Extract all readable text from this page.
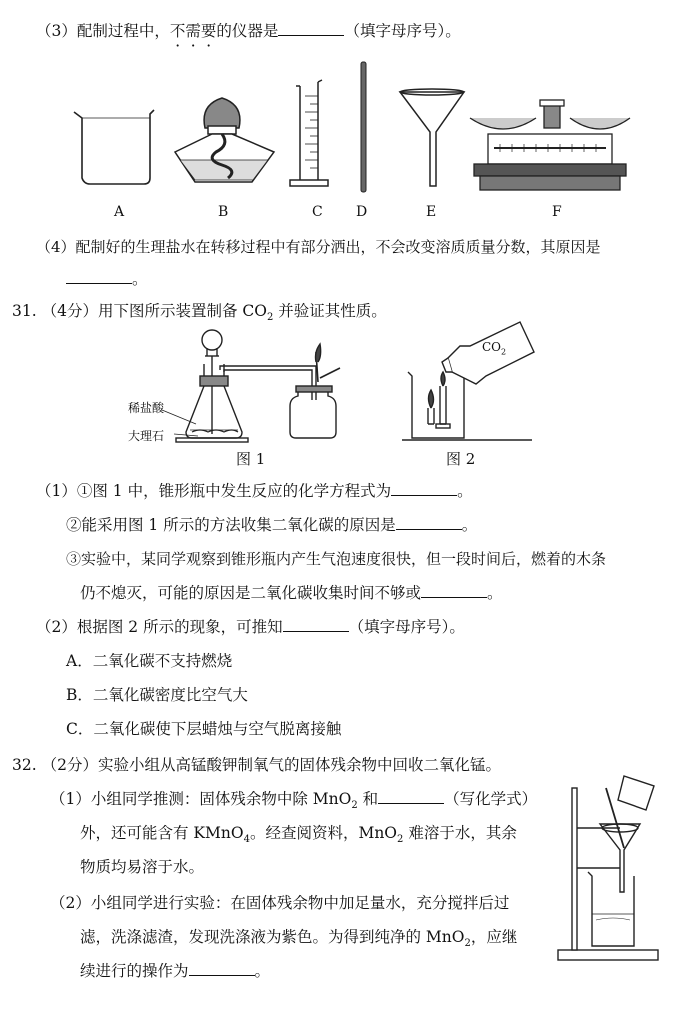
（3）配制过程中，不需要的仪器是	（填字母序号）。
A	B	C D	E	F
（4）配制好的生理盐水在转移过程中有部分洒出，不会改变溶质质量分数，其原因是
。
31. （4分）用下图所示装置制备 $CO_2$ 并验证其性质。
稀盐酸
大理石
$CO_2$
图 1	图 2
（1）①图 1 中，锥形瓶中发生反应的化学方程式为	。
②能采用图 1 所示的方法收集二氧化碳的原因是	。
③实验中，某同学观察到锥形瓶内产生气泡速度很快，但一段时间后，燃着的木条
仍不熄灭，可能的原因是二氧化碳收集时间不够或	。
（2）根据图 2 所示的现象，可推知	（填字母序号）。
A．二氧化碳不支持燃烧
B．二氧化碳密度比空气大
C．二氧化碳使下层蜡烛与空气脱离接触
32. （2分）实验小组从高锰酸钾制氧气的固体残余物中回收二氧化锰。
（1）小组同学推测：固体残余物中除 MnO$_2$ 和	（写化学式）
外，还可能含有 KMnO$_4$。经查阅资料，MnO$_2$ 难溶于水，其余
物质均易溶于水。
（2）小组同学进行实验：在固体残余物中加足量水，充分搅拌后过
滤，洗涤滤渣，发现洗涤液为紫色。为得到纯净的 MnO$_2$，应继
续进行的操作为	。
